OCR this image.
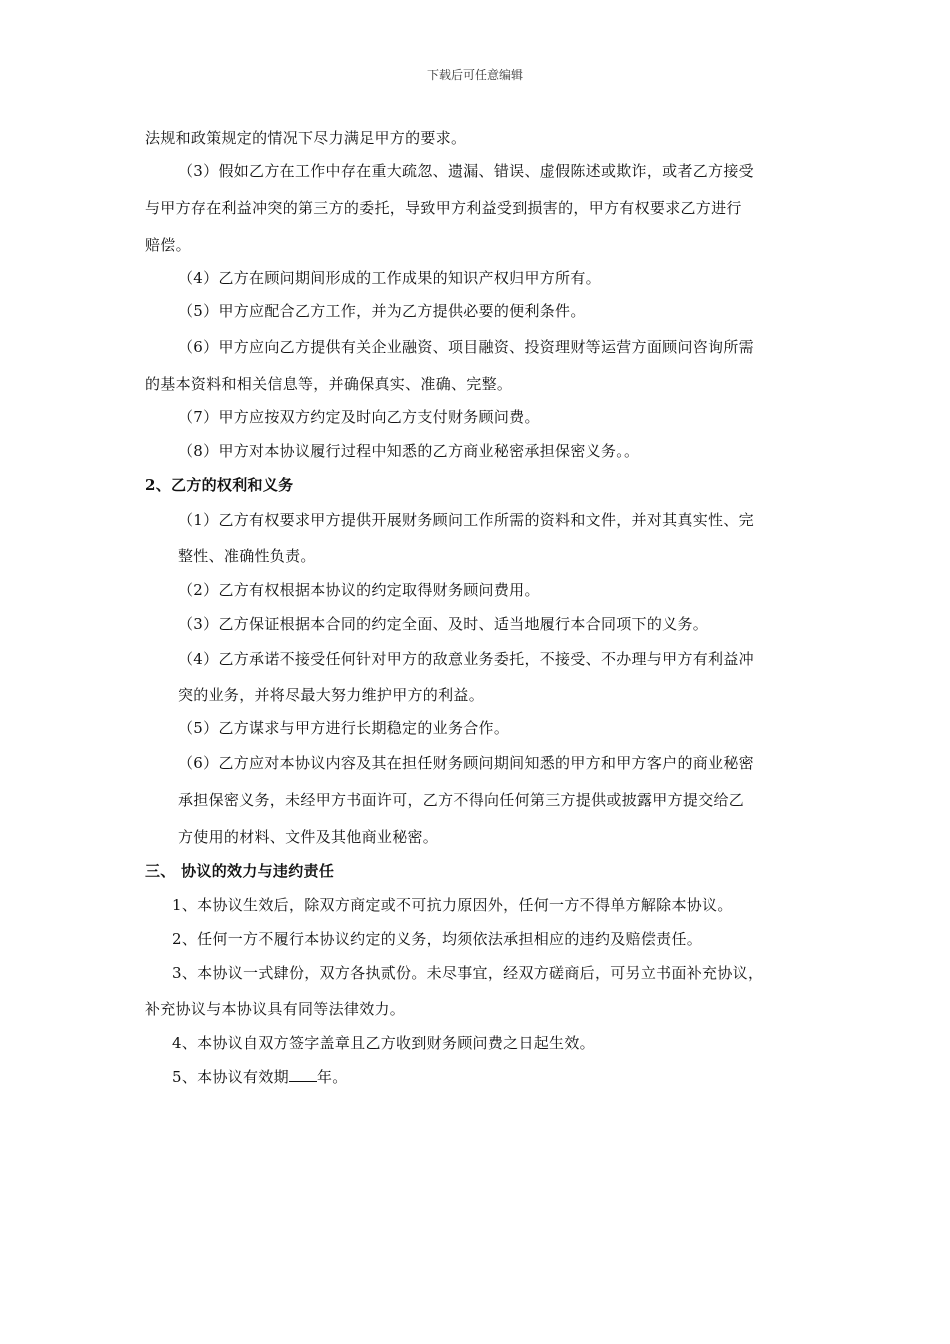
下载后可任意编辑
法规和政策规定的情况下尽力满足甲方的要求。
（3）假如乙方在工作中存在重大疏忽、遗漏、错误、虚假陈述或欺诈，或者乙方接受
与甲方存在利益冲突的第三方的委托，导致甲方利益受到损害的，甲方有权要求乙方进行
赔偿。
（4）乙方在顾问期间形成的工作成果的知识产权归甲方所有。
（5）甲方应配合乙方工作，并为乙方提供必要的便利条件。
（6）甲方应向乙方提供有关企业融资、项目融资、投资理财等运营方面顾问咨询所需
的基本资料和相关信息等，并确保真实、准确、完整。
（7）甲方应按双方约定及时向乙方支付财务顾问费。
（8）甲方对本协议履行过程中知悉的乙方商业秘密承担保密义务。。
2、乙方的权利和义务
（1）乙方有权要求甲方提供开展财务顾问工作所需的资料和文件，并对其真实性、完
整性、准确性负责。
（2）乙方有权根据本协议的约定取得财务顾问费用。
（3）乙方保证根据本合同的约定全面、及时、适当地履行本合同项下的义务。
（4）乙方承诺不接受任何针对甲方的敌意业务委托，不接受、不办理与甲方有利益冲
突的业务，并将尽最大努力维护甲方的利益。
（5）乙方谋求与甲方进行长期稳定的业务合作。
（6）乙方应对本协议内容及其在担任财务顾问期间知悉的甲方和甲方客户的商业秘密
承担保密义务，未经甲方书面许可，乙方不得向任何第三方提供或披露甲方提交给乙
方使用的材料、文件及其他商业秘密。
三、 协议的效力与违约责任
1、本协议生效后，除双方商定或不可抗力原因外，任何一方不得单方解除本协议。
2、任何一方不履行本协议约定的义务，均须依法承担相应的违约及赔偿责任。
3、本协议一式肆份，双方各执贰份。未尽事宜，经双方磋商后，可另立书面补充协议，
补充协议与本协议具有同等法律效力。
4、本协议自双方签字盖章且乙方收到财务顾问费之日起生效。
5、本协议有效期 年。
